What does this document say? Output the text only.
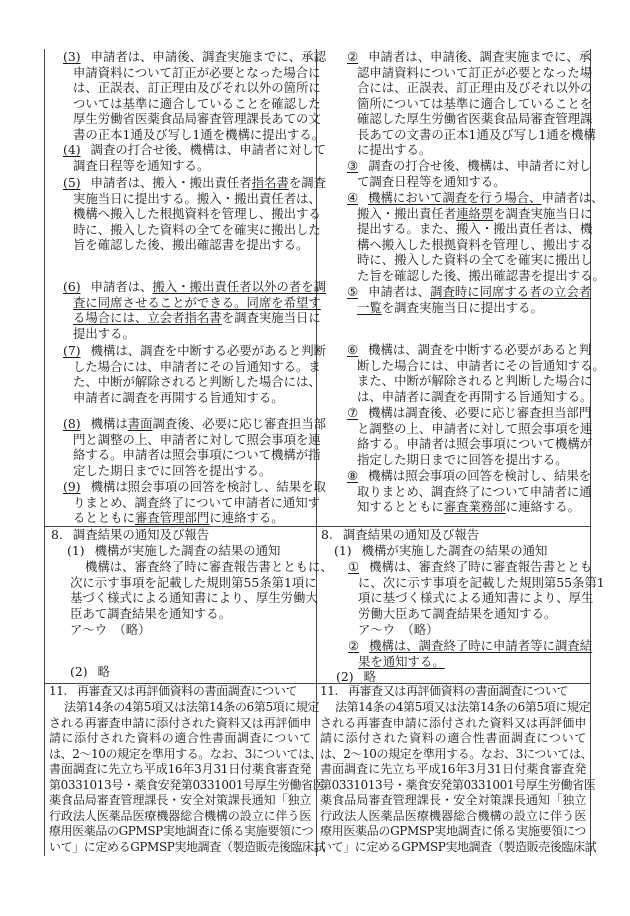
(3) 申請者は、申請後、調査実施までに、承認
申請資料について訂正が必要となった場合に
は、正誤表、訂正理由及びそれ以外の箇所に
ついては基準に適合していることを確認した
厚生労働省医薬食品局審査管理課長あての文
書の正本1通及び写し1通を機構に提出する。
(4) 調査の打合せ後、機構は、申請者に対して
調査日程等を通知する。
(5) 申請者は、搬入・搬出責任者指名書を調査
実施当日に提出する。搬入・搬出責任者は、
機構へ搬入した根拠資料を管理し、搬出する
時に、搬入した資料の全てを確実に搬出した
旨を確認した後、搬出確認書を提出する。
(6) 申請者は、搬入・搬出責任者以外の者を調
査に同席させることができる。同席を希望す
る場合には、立会者指名書を調査実施当日に
提出する。
(7) 機構は、調査を中断する必要があると判断
した場合には、申請者にその旨通知する。ま
た、中断が解除されると判断した場合には、
申請者に調査を再開する旨通知する。
(8) 機構は書面調査後、必要に応じ審査担当部
門と調整の上、申請者に対して照会事項を連
絡する。申請者は照会事項について機構が指
定した期日までに回答を提出する。
(9) 機構は照会事項の回答を検討し、結果を取
りまとめ、調査終了について申請者に通知す
るとともに審査管理部門に連絡する。
② 申請者は、申請後、調査実施までに、承
認申請資料について訂正が必要となった場
合には、正誤表、訂正理由及びそれ以外の
箇所については基準に適合していることを
確認した厚生労働省医薬食品局審査管理課
長あての文書の正本1通及び写し1通を機構
に提出する。
③ 調査の打合せ後、機構は、申請者に対し
て調査日程等を通知する。
④ 機構において調査を行う場合、申請者は、
搬入・搬出責任者連絡票を調査実施当日に
提出する。また、搬入・搬出責任者は、機
構へ搬入した根拠資料を管理し、搬出する
時に、搬入した資料の全てを確実に搬出し
た旨を確認した後、搬出確認書を提出する。
⑤ 申請者は、調査時に同席する者の立会者
一覧を調査実施当日に提出する。
⑥ 機構は、調査を中断する必要があると判
断した場合には、申請者にその旨通知する。
また、中断が解除されると判断した場合に
は、申請者に調査を再開する旨通知する。
⑦ 機構は調査後、必要に応じ審査担当部門
と調整の上、申請者に対して照会事項を連
絡する。申請者は照会事項について機構が
指定した期日までに回答を提出する。
⑧ 機構は照会事項の回答を検討し、結果を
取りまとめ、調査終了について申請者に通
知するとともに審査業務部に連絡する。
8. 調査結果の通知及び報告
(1) 機構が実施した調査の結果の通知
機構は、審査終了時に審査報告書とともに、
次に示す事項を記載した規則第55条第1項に
基づく様式による通知書により、厚生労働大
臣あて調査結果を通知する。
ア～ウ　（略）
(2) 略
8. 調査結果の通知及び報告
(1) 機構が実施した調査の結果の通知
① 機構は、審査終了時に審査報告書ととも
に、次に示す事項を記載した規則第55条第1
項に基づく様式による通知書により、厚生
労働大臣あて調査結果を通知する。
ア～ウ　（略）
② 機構は、調査終了時に申請者等に調査結
果を通知する。
(2) 略
11. 再審査又は再評価資料の書面調査について
法第14条の4第5項又は法第14条の6第5項に規定
される再審査申請に添付された資料又は再評価申
請に添付された資料の適合性書面調査について
は、2～10の規定を準用する。なお、3については、
書面調査に先立ち平成16年3月31日付薬食審査発
第0331013号・薬食安発第0331001号厚生労働省医
薬食品局審査管理課長・安全対策課長通知「独立
行政法人医薬品医療機器総合機構の設立に伴う医
療用医薬品のGPMSP実地調査に係る実施要領につ
いて」に定めるGPMSP実地調査（製造販売後臨床試
11. 再審査又は再評価資料の書面調査について
法第14条の4第5項又は法第14条の6第5項に規定
される再審査申請に添付された資料又は再評価申
請に添付された資料の適合性書面調査について
は、2～10の規定を準用する。なお、3については、
書面調査に先立ち平成16年3月31日付薬食審査発
第0331013号・薬食安発第0331001号厚生労働省医
薬食品局審査管理課長・安全対策課長通知「独立
行政法人医薬品医療機器総合機構の設立に伴う医
療用医薬品のGPMSP実地調査に係る実施要領につ
いて」に定めるGPMSP実地調査（製造販売後臨床試
